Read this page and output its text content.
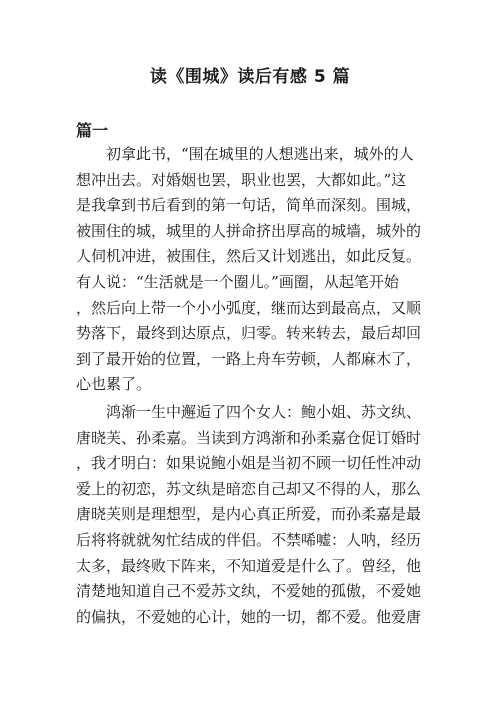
读《围城》读后有感 5 篇
篇一
初拿此书，“围在城里的人想逃出来，城外的人
想冲出去。对婚姻也罢，职业也罢，大都如此。”这
是我拿到书后看到的第一句话，简单而深刻。围城，
被围住的城，城里的人拼命挤出厚高的城墙，城外的
人伺机冲进，被围住，然后又计划逃出，如此反复。
有人说：“生活就是一个圈儿。”画圈，从起笔开始
，然后向上带一个小小弧度，继而达到最高点，又顺
势落下，最终到达原点，归零。转来转去，最后却回
到了最开始的位置，一路上舟车劳顿，人都麻木了，
心也累了。
鸿渐一生中邂逅了四个女人：鲍小姐、苏文纨、
唐晓芙、孙柔嘉。当读到方鸿渐和孙柔嘉仓促订婚时
，我才明白：如果说鲍小姐是当初不顾一切任性冲动
爱上的初恋，苏文纨是暗恋自己却又不得的人，那么
唐晓芙则是理想型，是内心真正所爱，而孙柔嘉是最
后将将就就匆忙结成的伴侣。不禁唏嘘：人呐，经历
太多，最终败下阵来，不知道爱是什么了。曾经，他
清楚地知道自己不爱苏文纨，不爱她的孤傲，不爱她
的偏执，不爱她的心计，她的一切，都不爱。他爱唐
